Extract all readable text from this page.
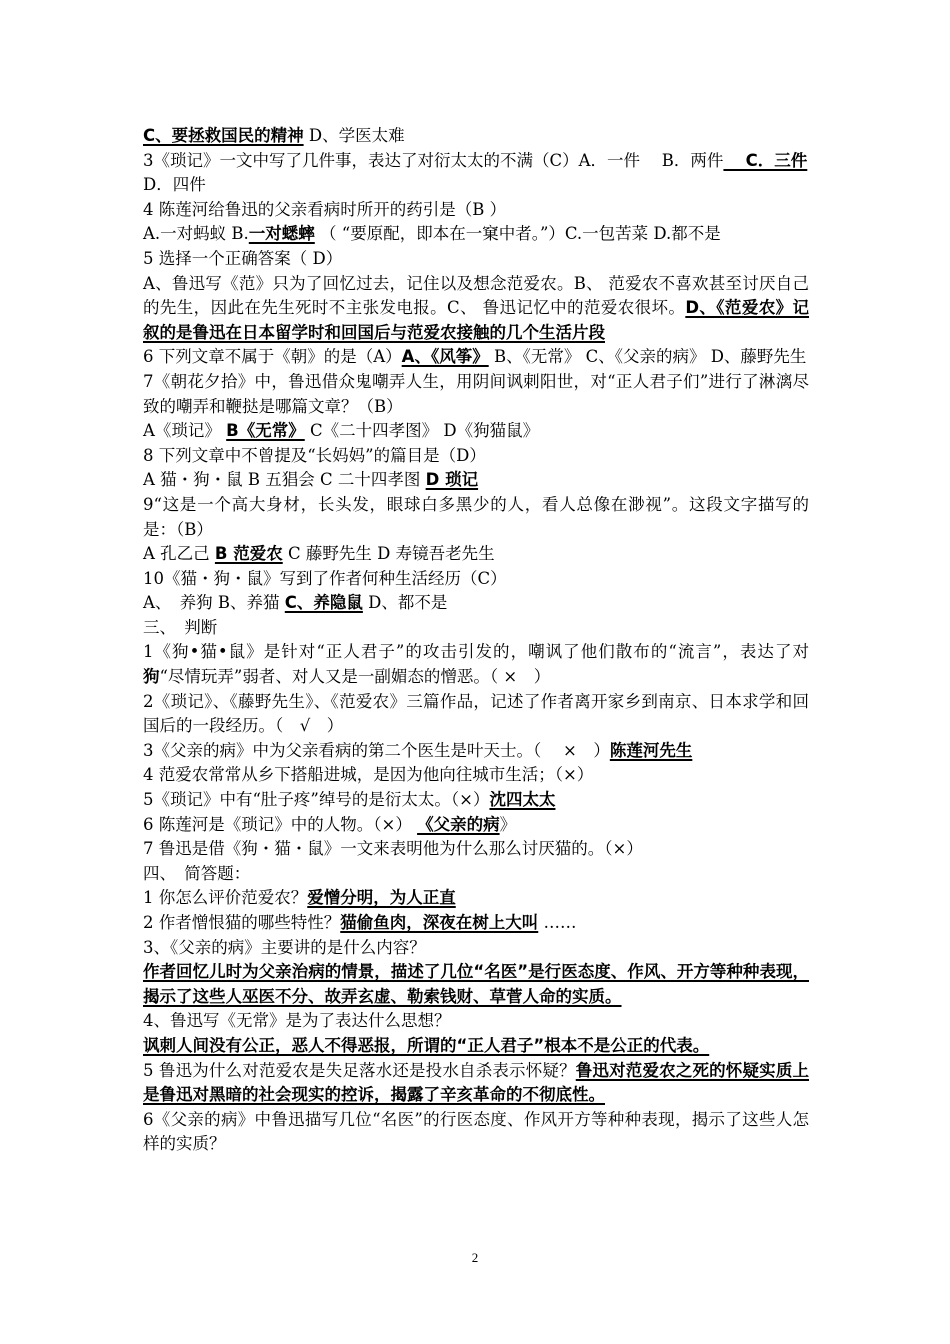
C、要拯救国民的精神 D、学医太难

3《琐记》一文中写了几件事，表达了对衍太太的不满（C）A．一件　 B．两件　 C．三件　D．四件

4 陈莲河给鲁迅的父亲看病时所开的药引是（B ）

A.一对蚂蚁 B.一对蟋蟀 （ “要原配，即本在一窠中者。”）C.一包苦菜 D.都不是

5 选择一个正确答案（ D）

A、鲁迅写《范》只为了回忆过去，记住以及想念范爱农。B、 范爱农不喜欢甚至讨厌自己的先生，因此在先生死时不主张发电报。C、 鲁迅记忆中的范爱农很坏。D、《范爱农》记叙的是鲁迅在日本留学时和回国后与范爱农接触的几个生活片段

6 下列文章不属于《朝》的是（A）A、《风筝》 B、《无常》 C、《父亲的病》 D、藤野先生

7《朝花夕拾》中，鲁迅借众鬼嘲弄人生，用阴间讽刺阳世，对“正人君子们”进行了淋漓尽致的嘲弄和鞭挞是哪篇文章？（B）

A《琐记》 B《无常》 C《二十四孝图》 D《狗猫鼠》

8 下列文章中不曾提及“长妈妈”的篇目是（D）

A 猫・狗・鼠 B 五猖会 C 二十四孝图 D 琐记

9“这是一个高大身材，长头发，眼球白多黑少的人，看人总像在渺视”。这段文字描写的是：（B）

A 孔乙己 B 范爱农 C 藤野先生 D 寿镜吾老先生

10《猫・狗・鼠》写到了作者何种生活经历（C）

A、　养狗 B、养猫 C、养隐鼠 D、都不是

三、　判断

1《狗•猫•鼠》是针对“正人君子”的攻击引发的，嘲讽了他们散布的“流言”，表达了对狗“尽情玩弄”弱者、对人又是一副媚态的憎恶。（ ×　）

2《琐记》、《藤野先生》、《范爱农》三篇作品，记述了作者离开家乡到南京、日本求学和回国后的一段经历。（　√　）

3《父亲的病》中为父亲看病的第二个医生是叶天士。（　 ×　）陈莲河先生

4 范爱农常常从乡下搭船进城，是因为他向往城市生活；（×）

5《琐记》中有“肚子疼”绰号的是衍太太。（×）沈四太太

6 陈莲河是《琐记》中的人物。（×） 《父亲的病》

7 鲁迅是借《狗・猫・鼠》一文来表明他为什么那么讨厌猫的。（×）

四、　简答题：

1 你怎么评价范爱农？爱憎分明，为人正直

2 作者憎恨猫的哪些特性？猫偷鱼肉，深夜在树上大叫 ……

3、《父亲的病》主要讲的是什么内容？

作者回忆儿时为父亲治病的情景，描述了几位“名医”是行医态度、作风、开方等种种表现，揭示了这些人巫医不分、故弄玄虚、勒索钱财、草菅人命的实质。

4、鲁迅写《无常》是为了表达什么思想？

讽刺人间没有公正，恶人不得恶报，所谓的“正人君子”根本不是公正的代表。

5 鲁迅为什么对范爱农是失足落水还是投水自杀表示怀疑？鲁迅对范爱农之死的怀疑实质上是鲁迅对黑暗的社会现实的控诉，揭露了辛亥革命的不彻底性。

6《父亲的病》中鲁迅描写几位“名医”的行医态度、作风开方等种种表现，揭示了这些人怎样的实质？

2
